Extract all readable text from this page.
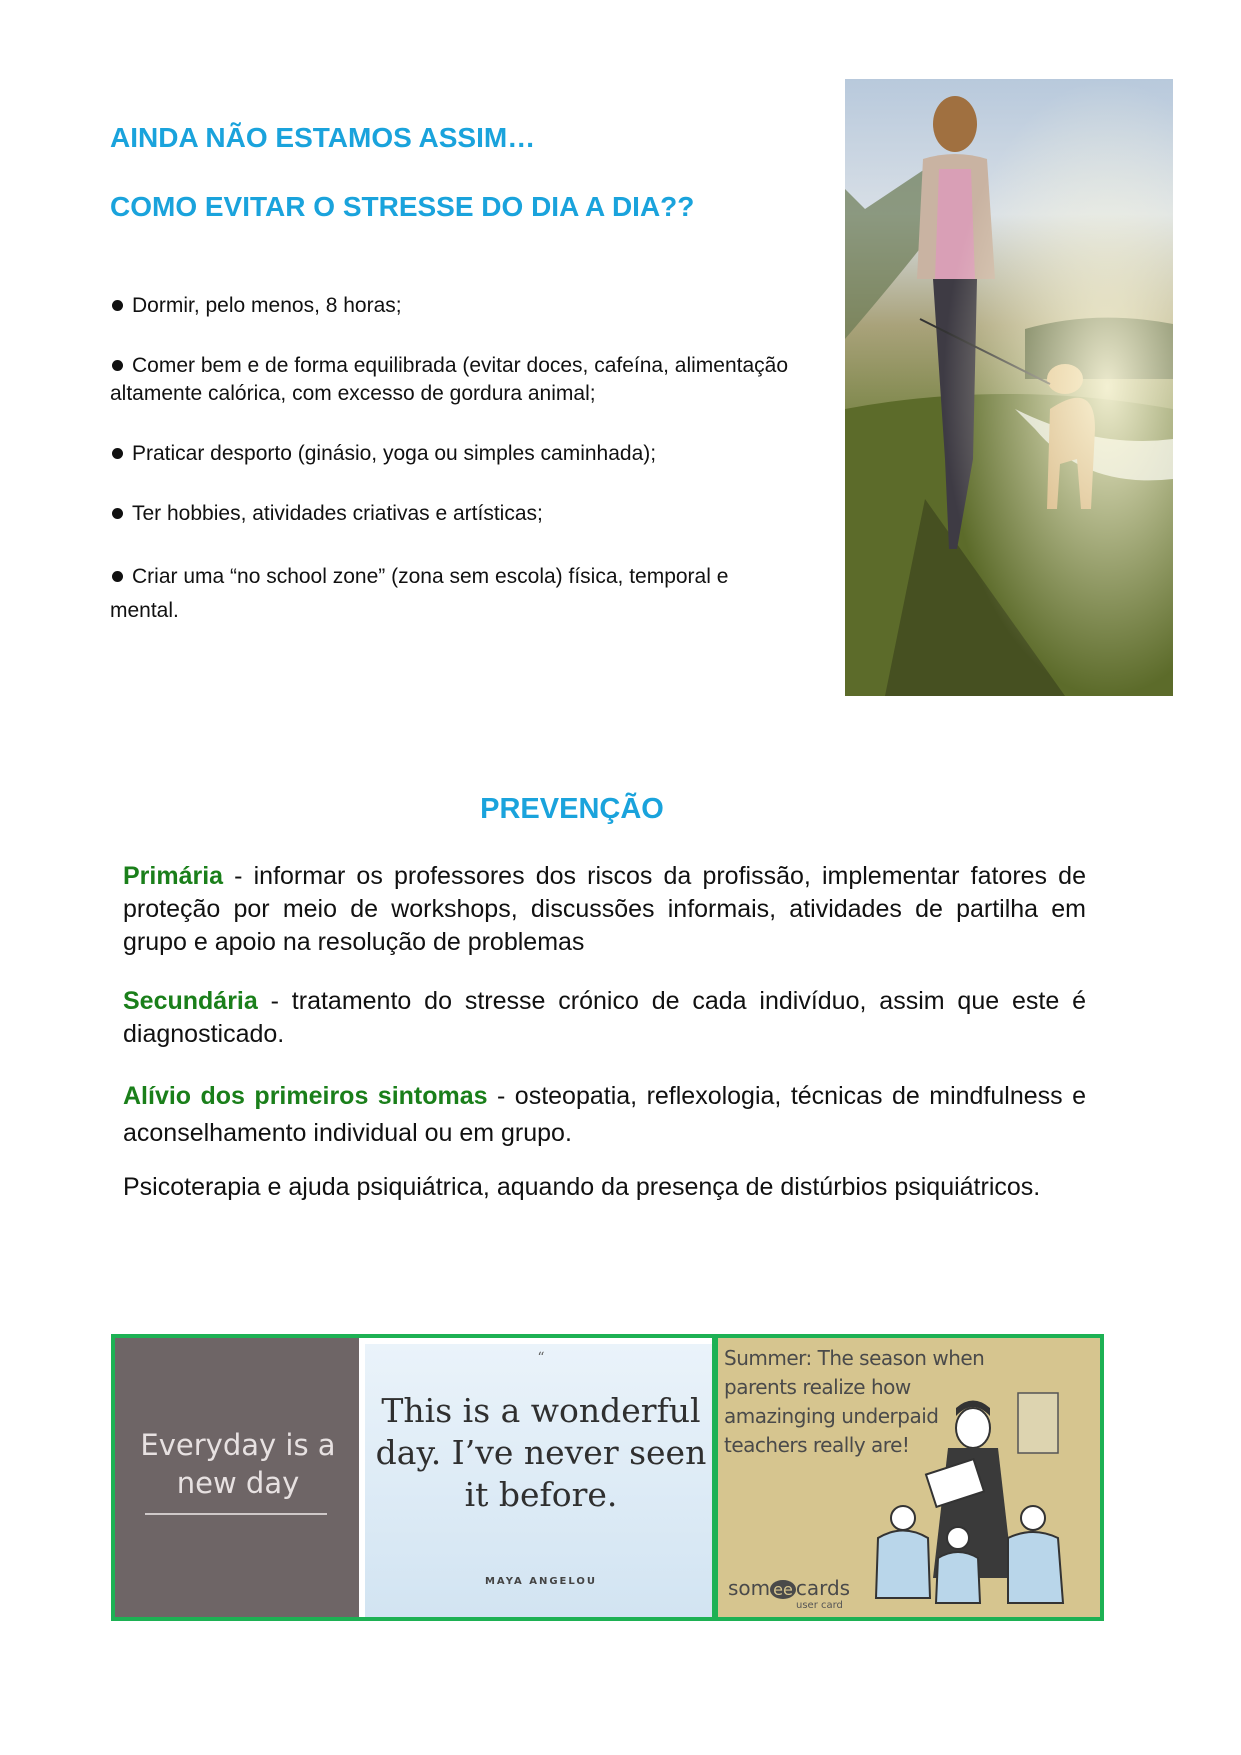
AINDA NÃO ESTAMOS ASSIM…
COMO EVITAR O STRESSE DO DIA A DIA??
Dormir, pelo menos, 8 horas;
Comer bem e de forma equilibrada (evitar doces, cafeína, alimentação altamente calórica, com excesso de gordura animal;
Praticar desporto (ginásio, yoga ou simples caminhada);
Ter hobbies, atividades criativas e artísticas;
Criar uma “no school zone” (zona sem escola) física, temporal e mental.
PREVENÇÃO
Primária - informar os professores dos riscos da profissão, implementar fatores de proteção por meio de workshops, discussões informais, atividades de partilha em grupo e apoio na resolução de problemas
Secundária - tratamento do stresse crónico de cada indivíduo, assim que este é diagnosticado.
Alívio dos primeiros sintomas - osteopatia, reflexologia, técnicas de mindfulness e aconselhamento individual ou em grupo.
Psicoterapia e ajuda psiquiátrica, aquando da presença de distúrbios psiquiátricos.
Everyday is a new day
“
This is a wonderful day. I’ve never seen it before.
MAYA ANGELOU
Summer: The season when parents realize how amazinging underpaid teachers really are!
som ee cards
user card
